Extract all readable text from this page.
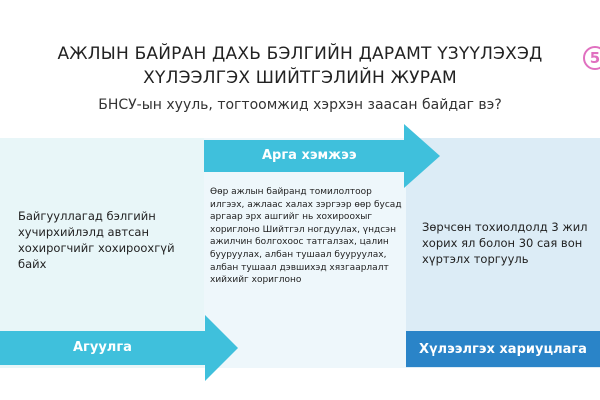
АЖЛЫН БАЙРАН ДАХЬ БЭЛГИЙН ДАРАМТ ҮЗҮҮЛЭХЭД
ХҮЛЭЭЛГЭХ ШИЙТГЭЛИЙН ЖУРАМ
5
БНСУ-ын хууль, тогтоомжид хэрхэн заасан байдаг вэ?
Арга хэмжээ
Агуулга	Хүлээлгэх хариуцлага
Байгууллагад бэлгийн хучирхийлэлд автсан хохирогчийг хохироохгүй байх
Өөр ажлын байранд томилолтоор илгээх, ажлаас халах зэргээр өөр бусад аргаар эрх ашгийг нь хохироохыг хориглоно Шийтгэл ногдуулах, үндсэн ажилчин болгохоос татгалзах, цалин бууруулах, албан тушаал бууруулах, албан тушаал дэвшихэд хязгаарлалт хийхийг хориглоно
Зөрчсөн тохиолдолд 3 жил хорих ял болон 30 сая вон хүртэлх торгууль
